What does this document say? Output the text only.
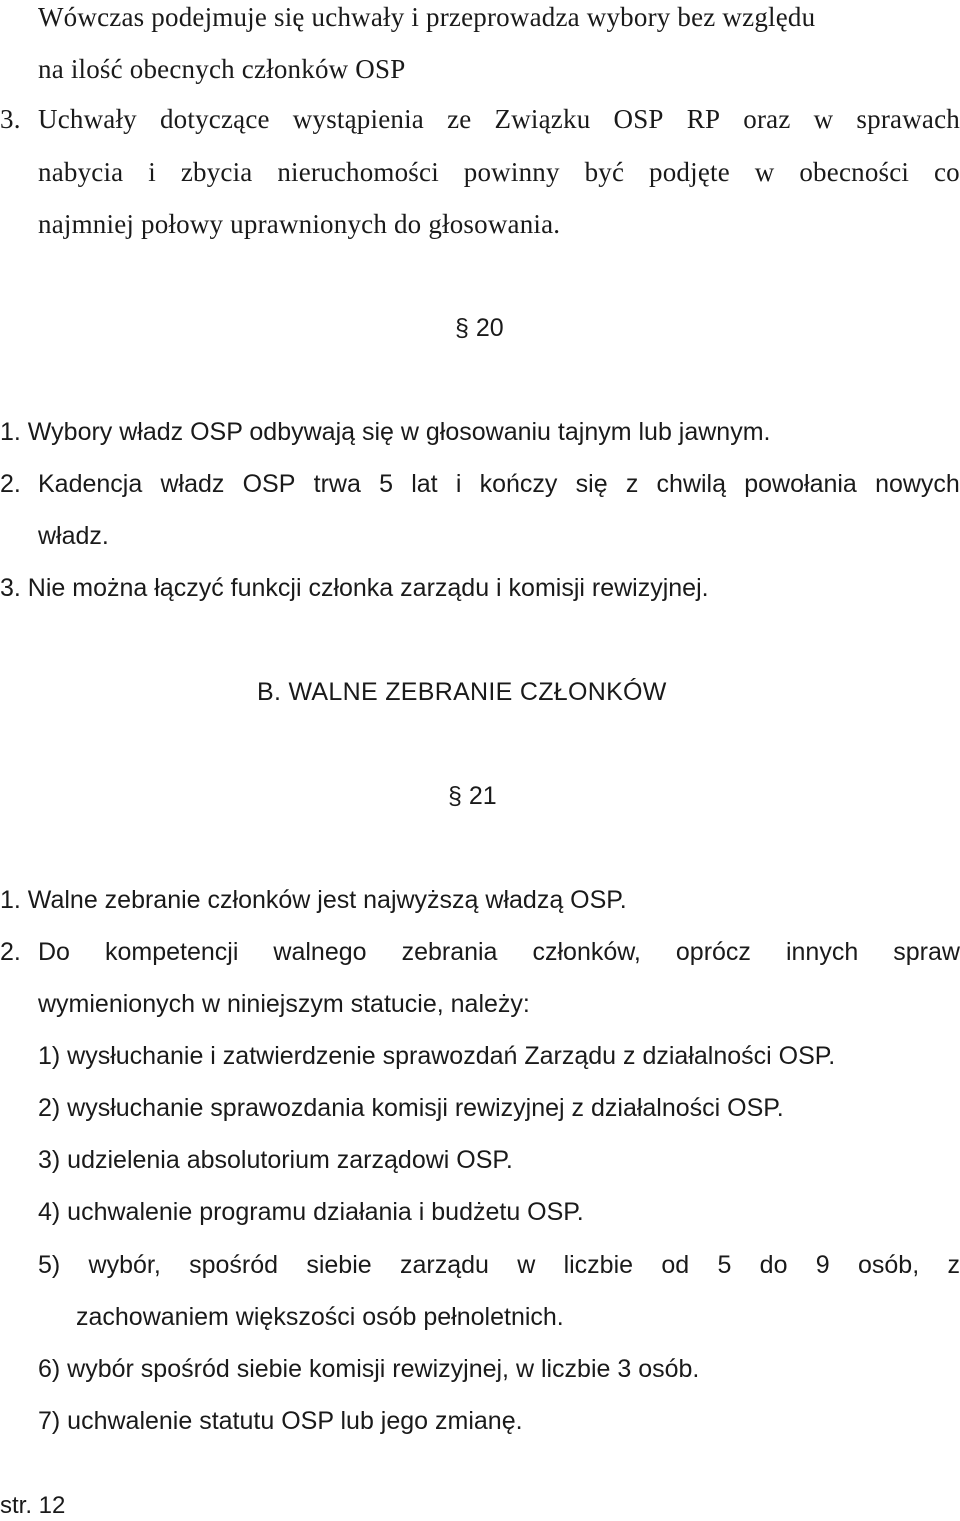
Wówczas podejmuje się uchwały i przeprowadza wybory bez względu
na ilość obecnych członków OSP
3. Uchwały dotyczące wystąpienia ze Związku OSP RP oraz w sprawach
nabycia i zbycia nieruchomości powinny być podjęte w obecności co
najmniej połowy uprawnionych do głosowania.
§ 20
1. Wybory władz OSP odbywają się w głosowaniu tajnym lub jawnym.
2. Kadencja władz OSP trwa 5 lat i kończy się z chwilą powołania nowych
władz.
3. Nie można łączyć funkcji członka zarządu i komisji rewizyjnej.
B. WALNE ZEBRANIE CZŁONKÓW
§ 21
1. Walne zebranie członków jest najwyższą władzą OSP.
2. Do kompetencji walnego zebrania członków, oprócz innych spraw
wymienionych w niniejszym statucie, należy:
1) wysłuchanie i zatwierdzenie sprawozdań Zarządu z działalności OSP.
2) wysłuchanie sprawozdania komisji rewizyjnej z działalności OSP.
3) udzielenia absolutorium zarządowi OSP.
4) uchwalenie programu działania i budżetu OSP.
5) wybór, spośród siebie zarządu w liczbie od 5 do 9 osób, z
zachowaniem większości osób pełnoletnich.
6) wybór spośród siebie komisji rewizyjnej, w liczbie 3 osób.
7) uchwalenie statutu OSP lub jego zmianę.
str. 12
